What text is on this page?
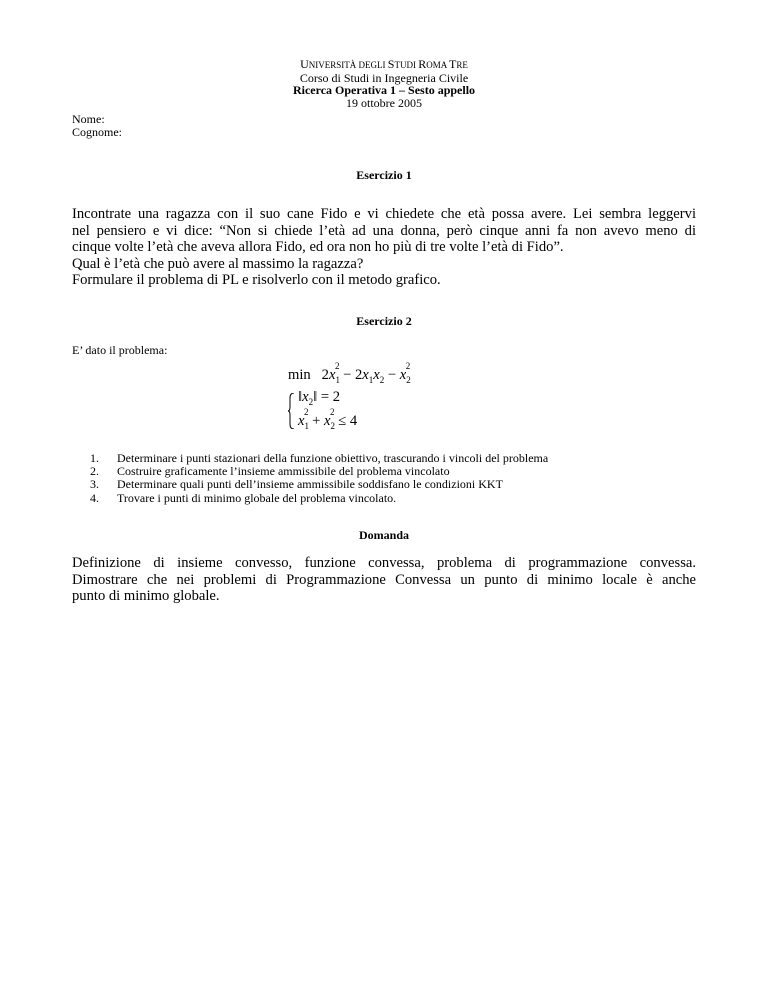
UNIVERSITÀ DEGLI STUDI ROMA TRE
Corso di Studi in Ingegneria Civile
Ricerca Operativa 1 – Sesto appello
19 ottobre 2005
Nome:
Cognome:
Esercizio 1
Incontrate una ragazza con il suo cane Fido e vi chiedete che età possa avere. Lei sembra leggervi
nel pensiero e vi dice: “Non si chiede l’età ad una donna, però cinque anni fa non avevo meno di
cinque volte l’età che aveva allora Fido, ed ora non ho più di tre volte l’età di Fido”.
Qual è l’età che può avere al massimo la ragazza?
Formulare il problema di PL e risolverlo con il metodo grafico.
Esercizio 2
E’ dato il problema:
$\min 2x_1^2 - 2x_1x_2 - x_2^2$
$‖x_2‖ = 2$
$x_1^2 + x_2^2 \le 4$
1. Determinare i punti stazionari della funzione obiettivo, trascurando i vincoli del problema
2. Costruire graficamente l’insieme ammissibile del problema vincolato
3. Determinare quali punti dell’insieme ammissibile soddisfano le condizioni KKT
4. Trovare i punti di minimo globale del problema vincolato.
Domanda
Definizione di insieme convesso, funzione convessa, problema di programmazione convessa.
Dimostrare che nei problemi di Programmazione Convessa un punto di minimo locale è anche
punto di minimo globale.
